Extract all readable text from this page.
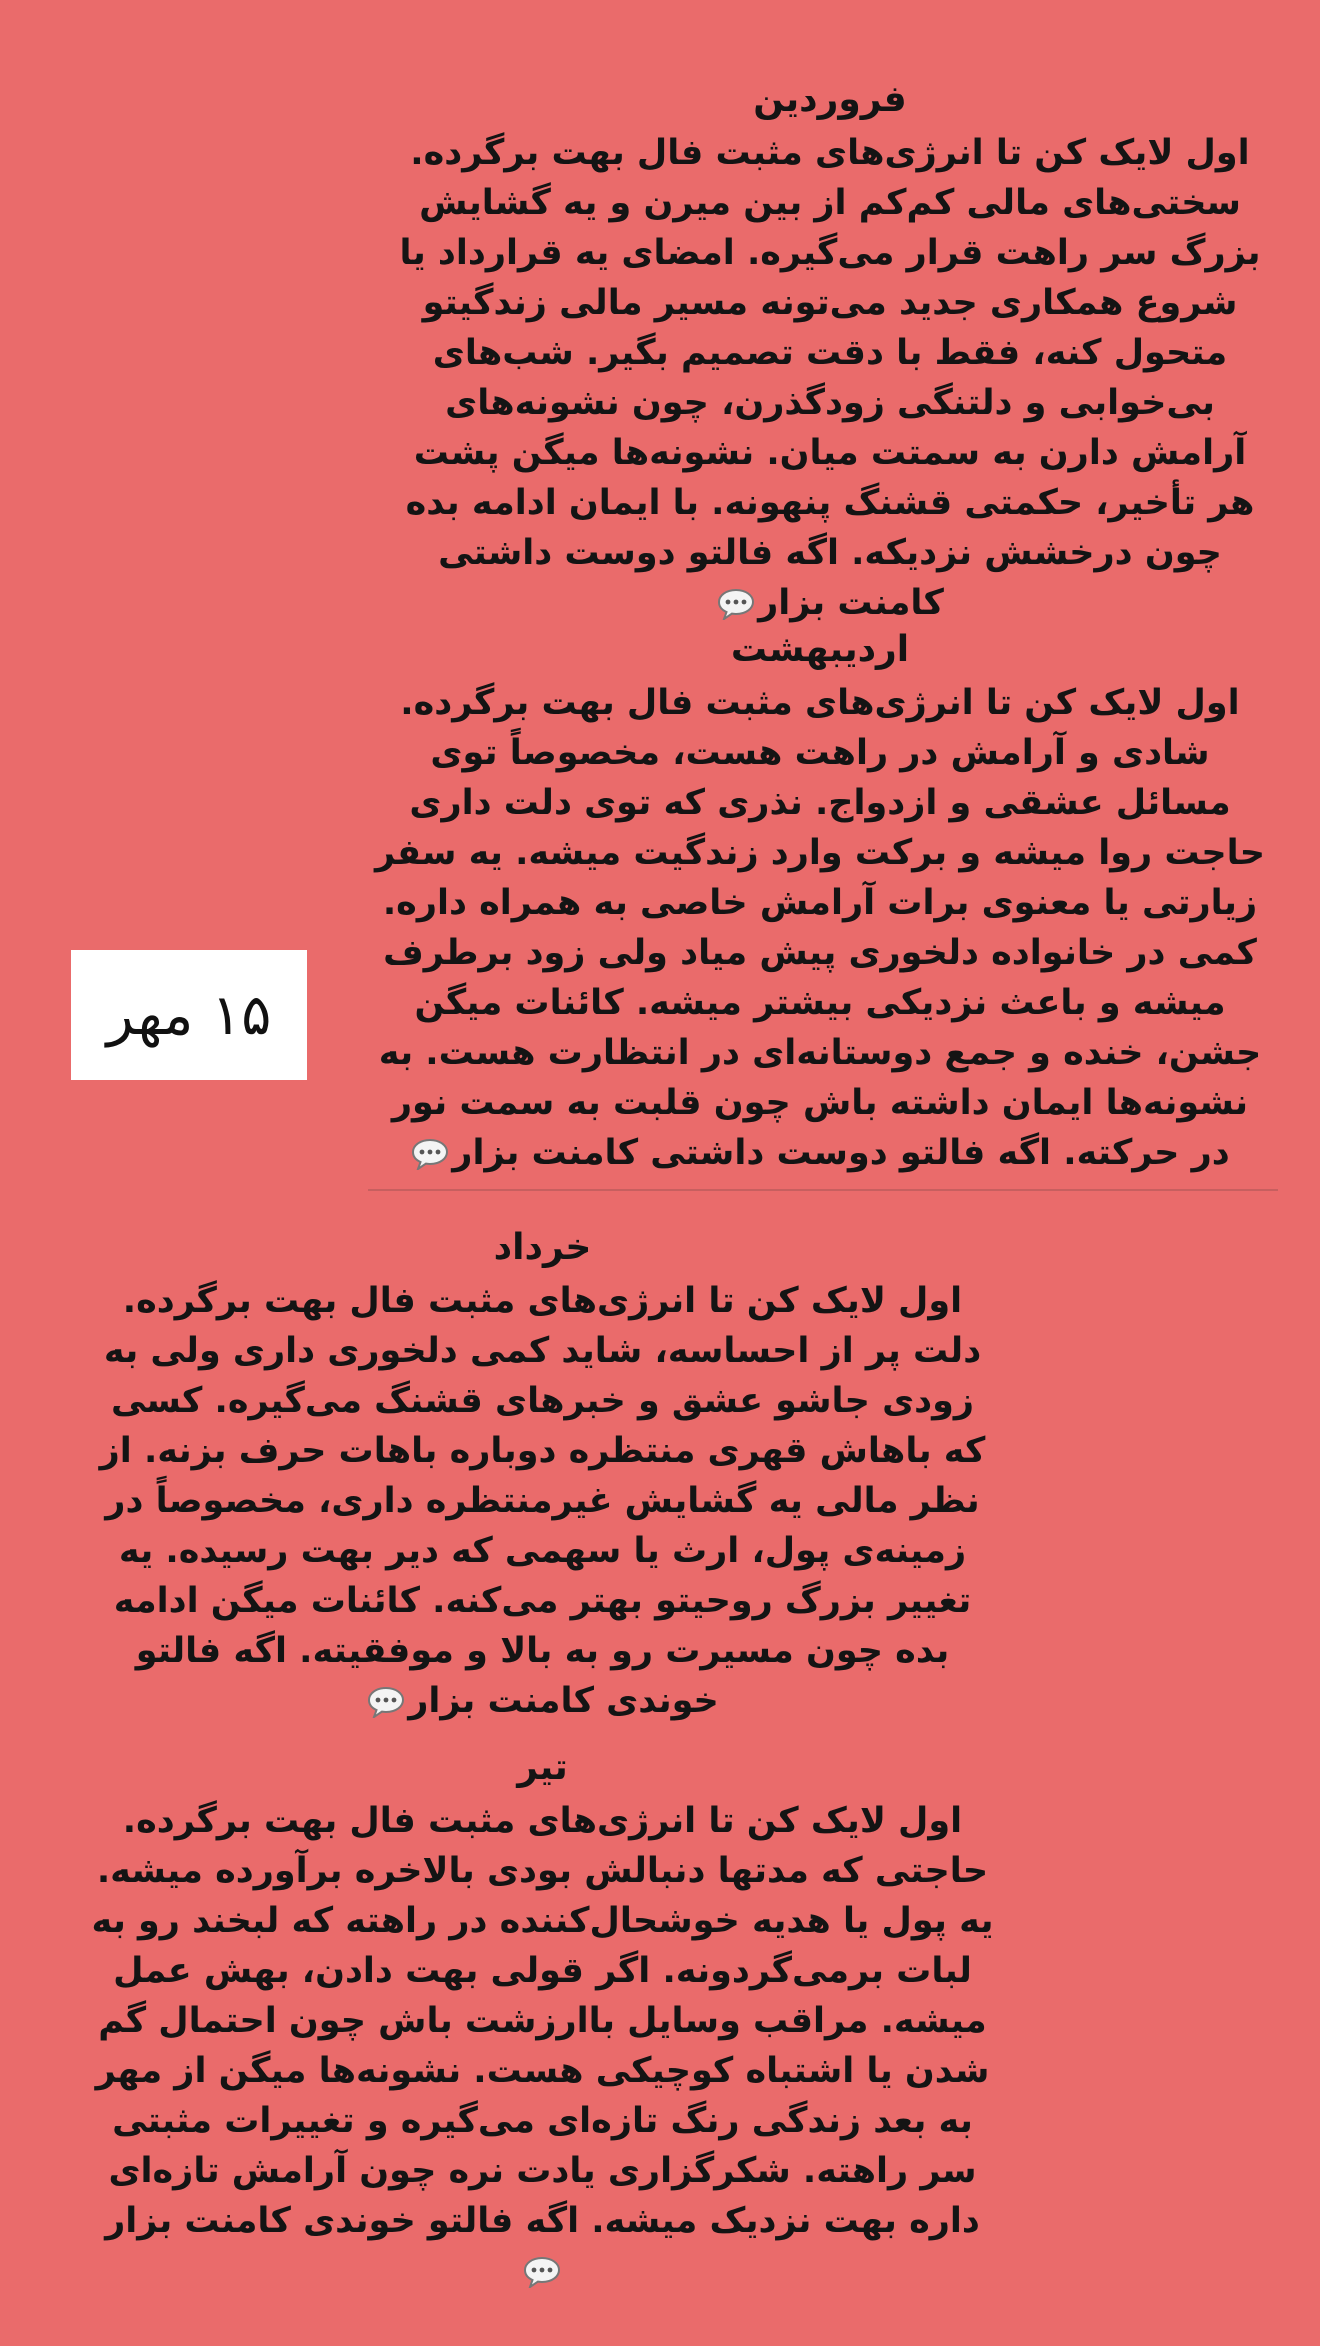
فروردین
اول لایک کن تا انرژی‌های مثبت فال بهت برگرده. سختی‌های مالی کم‌کم از بین میرن و یه گشایش بزرگ سر راهت قرار می‌گیره. امضای یه قرارداد یا شروع همکاری جدید می‌تونه مسیر مالی زندگیتو متحول کنه، فقط با دقت تصمیم بگیر. شب‌های بی‌خوابی و دلتنگی زودگذرن، چون نشونه‌های آرامش دارن به سمتت میان. نشونه‌ها میگن پشت هر تأخیر، حکمتی قشنگ پنهونه. با ایمان ادامه بده چون درخشش نزدیکه. اگه فالتو دوست داشتی کامنت بزار
اردیبهشت
اول لایک کن تا انرژی‌های مثبت فال بهت برگرده. شادی و آرامش در راهت هست، مخصوصاً توی مسائل عشقی و ازدواج. نذری که توی دلت داری حاجت روا میشه و برکت وارد زندگیت میشه. یه سفر زیارتی یا معنوی برات آرامش خاصی به همراه داره. کمی در خانواده دلخوری پیش میاد ولی زود برطرف میشه و باعث نزدیکی بیشتر میشه. کائنات میگن جشن، خنده و جمع دوستانه‌ای در انتظارت هست. به نشونه‌ها ایمان داشته باش چون قلبت به سمت نور در حرکته. اگه فالتو دوست داشتی کامنت بزار
۱۵ مهر
خرداد
اول لایک کن تا انرژی‌های مثبت فال بهت برگرده. دلت پر از احساسه، شاید کمی دلخوری داری ولی به زودی جاشو عشق و خبرهای قشنگ می‌گیره. کسی که باهاش قهری منتظره دوباره باهات حرف بزنه. از نظر مالی یه گشایش غیرمنتظره داری، مخصوصاً در زمینه‌ی پول، ارث یا سهمی که دیر بهت رسیده. یه تغییر بزرگ روحیتو بهتر می‌کنه. کائنات میگن ادامه بده چون مسیرت رو به بالا و موفقیته. اگه فالتو خوندی کامنت بزار
تیر
اول لایک کن تا انرژی‌های مثبت فال بهت برگرده. حاجتی که مدتها دنبالش بودی بالاخره برآورده میشه. یه پول یا هدیه خوشحال‌کننده در راهته که لبخند رو به لبات برمی‌گردونه. اگر قولی بهت دادن، بهش عمل میشه. مراقب وسایل باارزشت باش چون احتمال گم شدن یا اشتباه کوچیکی هست. نشونه‌ها میگن از مهر به بعد زندگی رنگ تازه‌ای می‌گیره و تغییرات مثبتی سر راهته. شکرگزاری یادت نره چون آرامش تازه‌ای داره بهت نزدیک میشه. اگه فالتو خوندی کامنت بزار
